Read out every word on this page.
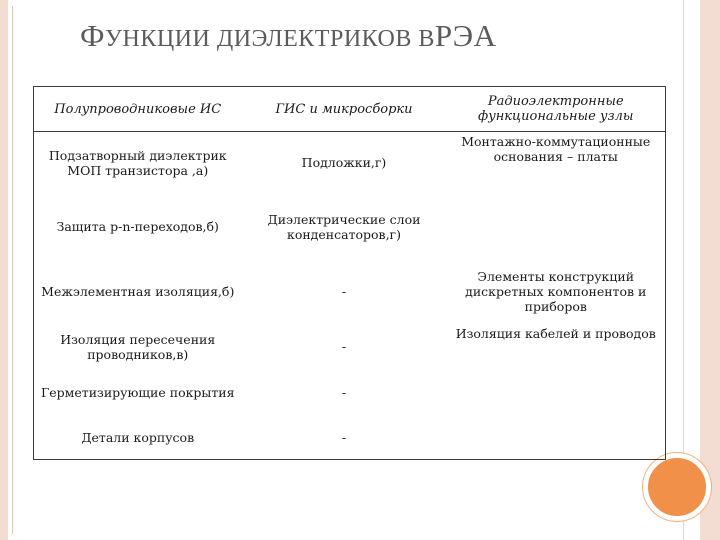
ФУНКЦИИ ДИЭЛЕКТРИКОВ ВРЭА
Полупроводниковые ИС	ГИС и микросборки	Радиоэлектронные функциональные узлы
Подзатворный диэлектрик МОП транзистора ,а)	Подложки,г)	Монтажно-коммутационные основания – платы
Защита p-n-переходов,б)	Диэлектрические слои конденсаторов,г)	
Межэлементная изоляция,б)	-	Элементы конструкций дискретных компонентов и приборов
Изоляция пересечения проводников,в)	-	Изоляция кабелей и проводов
Герметизирующие покрытия	-	
Детали корпусов	-	
